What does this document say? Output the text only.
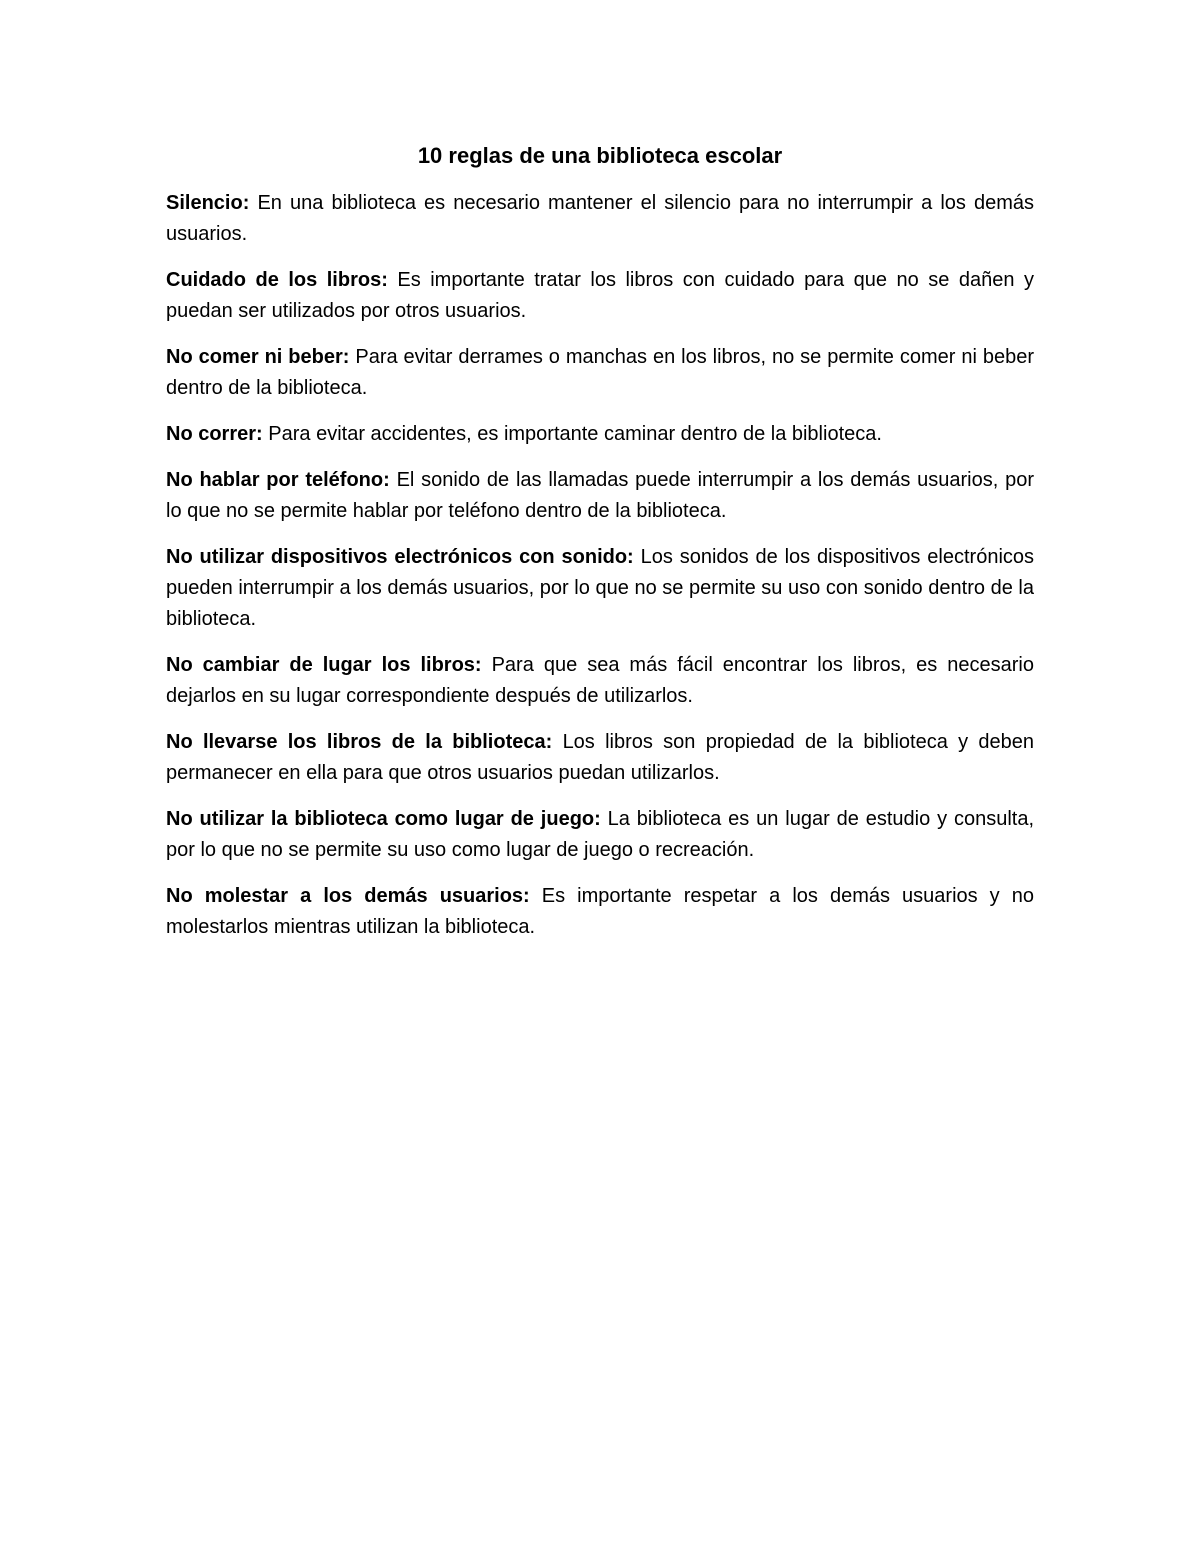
10 reglas de una biblioteca escolar

Silencio: En una biblioteca es necesario mantener el silencio para no interrumpir a los demás usuarios.

Cuidado de los libros: Es importante tratar los libros con cuidado para que no se dañen y puedan ser utilizados por otros usuarios.

No comer ni beber: Para evitar derrames o manchas en los libros, no se permite comer ni beber dentro de la biblioteca.

No correr: Para evitar accidentes, es importante caminar dentro de la biblioteca.

No hablar por teléfono: El sonido de las llamadas puede interrumpir a los demás usuarios, por lo que no se permite hablar por teléfono dentro de la biblioteca.

No utilizar dispositivos electrónicos con sonido: Los sonidos de los dispositivos electrónicos pueden interrumpir a los demás usuarios, por lo que no se permite su uso con sonido dentro de la biblioteca.

No cambiar de lugar los libros: Para que sea más fácil encontrar los libros, es necesario dejarlos en su lugar correspondiente después de utilizarlos.

No llevarse los libros de la biblioteca: Los libros son propiedad de la biblioteca y deben permanecer en ella para que otros usuarios puedan utilizarlos.

No utilizar la biblioteca como lugar de juego: La biblioteca es un lugar de estudio y consulta, por lo que no se permite su uso como lugar de juego o recreación.

No molestar a los demás usuarios: Es importante respetar a los demás usuarios y no molestarlos mientras utilizan la biblioteca.
